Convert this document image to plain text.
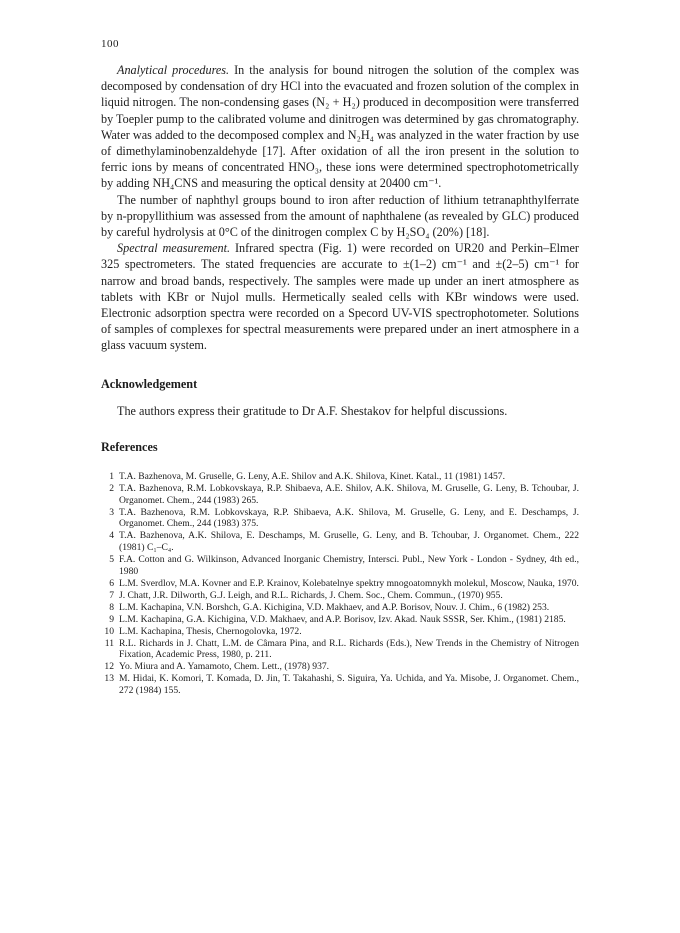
100

Analytical procedures. In the analysis for bound nitrogen the solution of the complex was decomposed by condensation of dry HCl into the evacuated and frozen solution of the complex in liquid nitrogen. The non-condensing gases (N₂ + H₂) produced in decomposition were transferred by Toepler pump to the calibrated volume and dinitrogen was determined by gas chromatography. Water was added to the decomposed complex and N₂H₄ was analyzed in the water fraction by use of dimethylaminobenzaldehyde [17]. After oxidation of all the iron present in the solution to ferric ions by means of concentrated HNO₃, these ions were determined spectrophotometrically by adding NH₄CNS and measuring the optical density at 20400 cm⁻¹.

The number of naphthyl groups bound to iron after reduction of lithium tetranaphthylferrate by n-propyllithium was assessed from the amount of naphthalene (as revealed by GLC) produced by careful hydrolysis at 0°C of the dinitrogen complex C by H₂SO₄ (20%) [18].

Spectral measurement. Infrared spectra (Fig. 1) were recorded on UR20 and Perkin–Elmer 325 spectrometers. The stated frequencies are accurate to ±(1–2) cm⁻¹ and ±(2–5) cm⁻¹ for narrow and broad bands, respectively. The samples were made up under an inert atmosphere as tablets with KBr or Nujol mulls. Hermetically sealed cells with KBr windows were used. Electronic adsorption spectra were recorded on a Specord UV-VIS spectrophotometer. Solutions of samples of complexes for spectral measurements were prepared under an inert atmosphere in a glass vacuum system.

Acknowledgement

The authors express their gratitude to Dr A.F. Shestakov for helpful discussions.

References
1 T.A. Bazhenova, M. Gruselle, G. Leny, A.E. Shilov and A.K. Shilova, Kinet. Katal., 11 (1981) 1457.
2 T.A. Bazhenova, R.M. Lobkovskaya, R.P. Shibaeva, A.E. Shilov, A.K. Shilova, M. Gruselle, G. Leny, B. Tchoubar, J. Organomet. Chem., 244 (1983) 265.
3 T.A. Bazhenova, R.M. Lobkovskaya, R.P. Shibaeva, A.K. Shilova, M. Gruselle, G. Leny, and E. Deschamps, J. Organomet. Chem., 244 (1983) 375.
4 T.A. Bazhenova, A.K. Shilova, E. Deschamps, M. Gruselle, G. Leny, and B. Tchoubar, J. Organomet. Chem., 222 (1981) C₁–C₄.
5 F.A. Cotton and G. Wilkinson, Advanced Inorganic Chemistry, Intersci. Publ., New York - London - Sydney, 4th ed., 1980
6 L.M. Sverdlov, M.A. Kovner and E.P. Krainov, Kolebatelnye spektry mnogoatomnykh molekul, Moscow, Nauka, 1970.
7 J. Chatt, J.R. Dilworth, G.J. Leigh, and R.L. Richards, J. Chem. Soc., Chem. Commun., (1970) 955.
8 L.M. Kachapina, V.N. Borshch, G.A. Kichigina, V.D. Makhaev, and A.P. Borisov, Nouv. J. Chim., 6 (1982) 253.
9 L.M. Kachapina, G.A. Kichigina, V.D. Makhaev, and A.P. Borisov, Izv. Akad. Nauk SSSR, Ser. Khim., (1981) 2185.
10 L.M. Kachapina, Thesis, Chernogolovka, 1972.
11 R.L. Richards in J. Chatt, L.M. de Câmara Pina, and R.L. Richards (Eds.), New Trends in the Chemistry of Nitrogen Fixation, Academic Press, 1980, p. 211.
12 Yo. Miura and A. Yamamoto, Chem. Lett., (1978) 937.
13 M. Hidai, K. Komori, T. Komada, D. Jin, T. Takahashi, S. Siguira, Ya. Uchida, and Ya. Misobe, J. Organomet. Chem., 272 (1984) 155.
